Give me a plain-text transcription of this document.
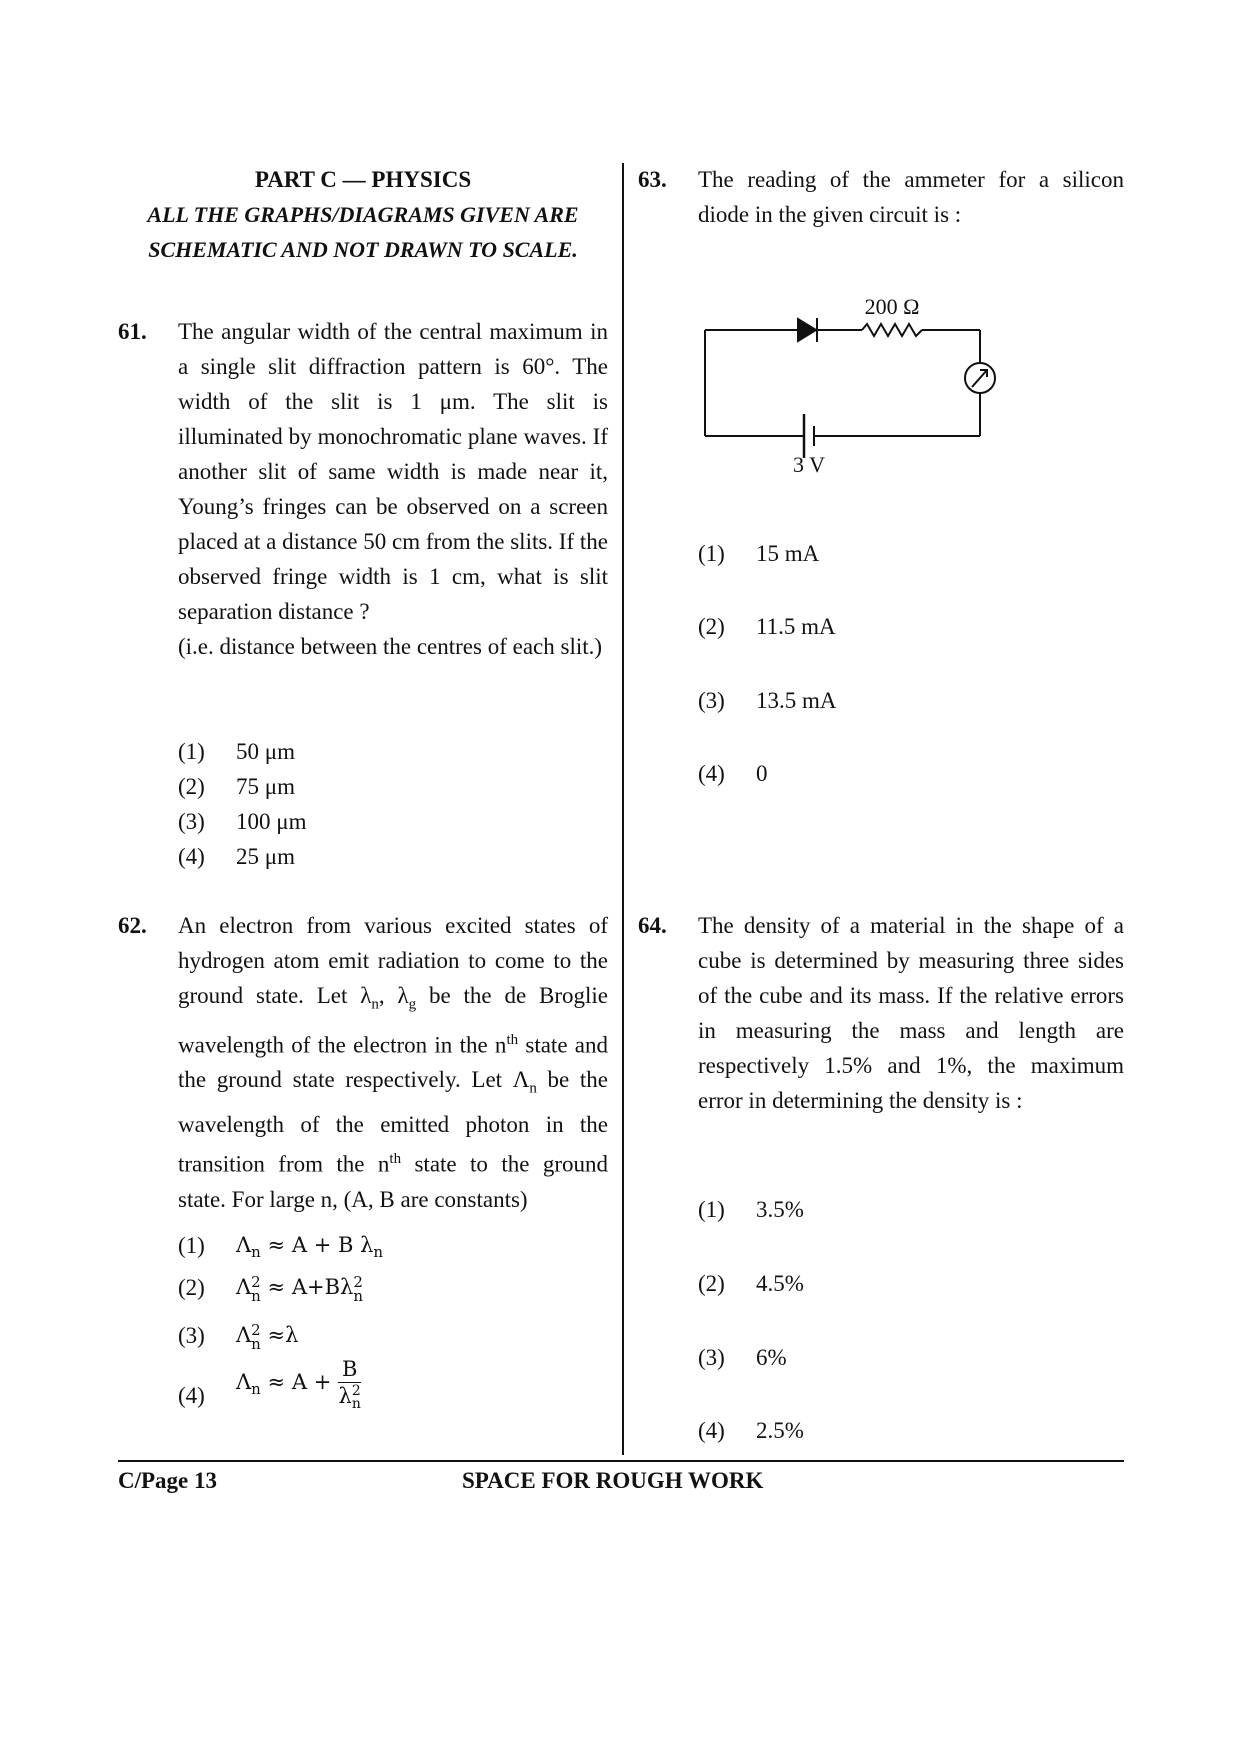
PART C — PHYSICS
ALL THE GRAPHS/DIAGRAMS GIVEN ARE
SCHEMATIC AND NOT DRAWN TO SCALE.
61. The angular width of the central maximum in a single slit diffraction pattern is 60°. The width of the slit is 1 μm. The slit is illuminated by monochromatic plane waves. If another slit of same width is made near it, Young’s fringes can be observed on a screen placed at a distance 50 cm from the slits. If the observed fringe width is 1 cm, what is slit separation distance ?
(i.e. distance between the centres of each slit.)
(1) 50 μm
(2) 75 μm
(3) 100 μm
(4) 25 μm
62. An electron from various excited states of hydrogen atom emit radiation to come to the ground state. Let $\lambda_n$, $\lambda_g$ be the de Broglie wavelength of the electron in the $n^{th}$ state and the ground state respectively. Let $\Lambda_n$ be the wavelength of the emitted photon in the transition from the $n^{th}$ state to the ground state. For large n, (A, B are constants)
(1) $\Lambda_n \approx A + B$ $\lambda_n$
(2) Λ 2
n ≈ A+Bλ 2
n
(3) Λ 2
n ≈λ
(4)
$\Lambda_n \approx A + B$
λ 2
n
63. The reading of the ammeter for a silicon diode in the given circuit is :
200 Ω
3 V
(1) 15 mA
(2) 11.5 mA
(3) 13.5 mA
(4) 0
64. The density of a material in the shape of a cube is determined by measuring three sides of the cube and its mass. If the relative errors in measuring the mass and length are respectively 1.5% and 1%, the maximum error in determining the density is :
(1) 3.5%
(2) 4.5%
(3) 6%
(4) 2.5%
C/Page 13	SPACE FOR ROUGH WORK
